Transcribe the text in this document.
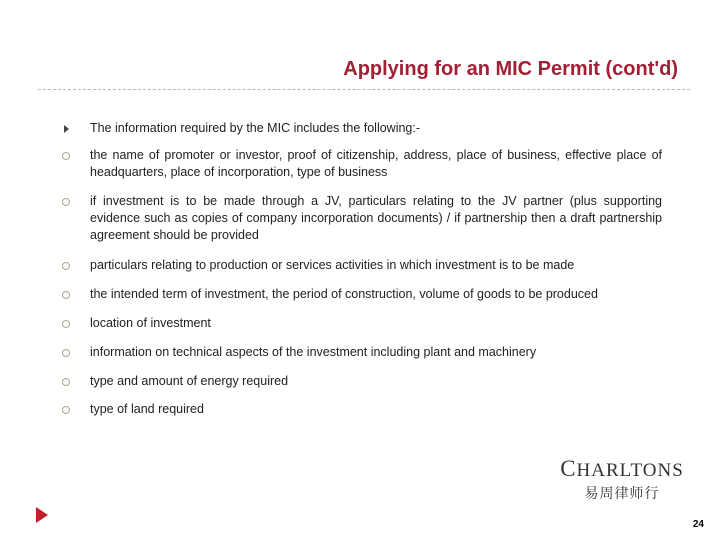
Applying for an MIC Permit (cont'd)
The information required by the MIC includes the following:-
the name of promoter or investor, proof of citizenship, address, place of business, effective place of headquarters, place of incorporation, type of business
if investment is to be made through a JV, particulars relating to the JV partner (plus supporting evidence such as copies of company incorporation documents) / if partnership then a draft partnership agreement should be provided
particulars relating to production or services activities in which investment is to be made
the intended term of investment, the period of construction, volume of goods to be produced
location of investment
information on technical aspects of the investment including plant and machinery
type and amount of energy required
type of land required
CHARLTONS
易周律师行
24
